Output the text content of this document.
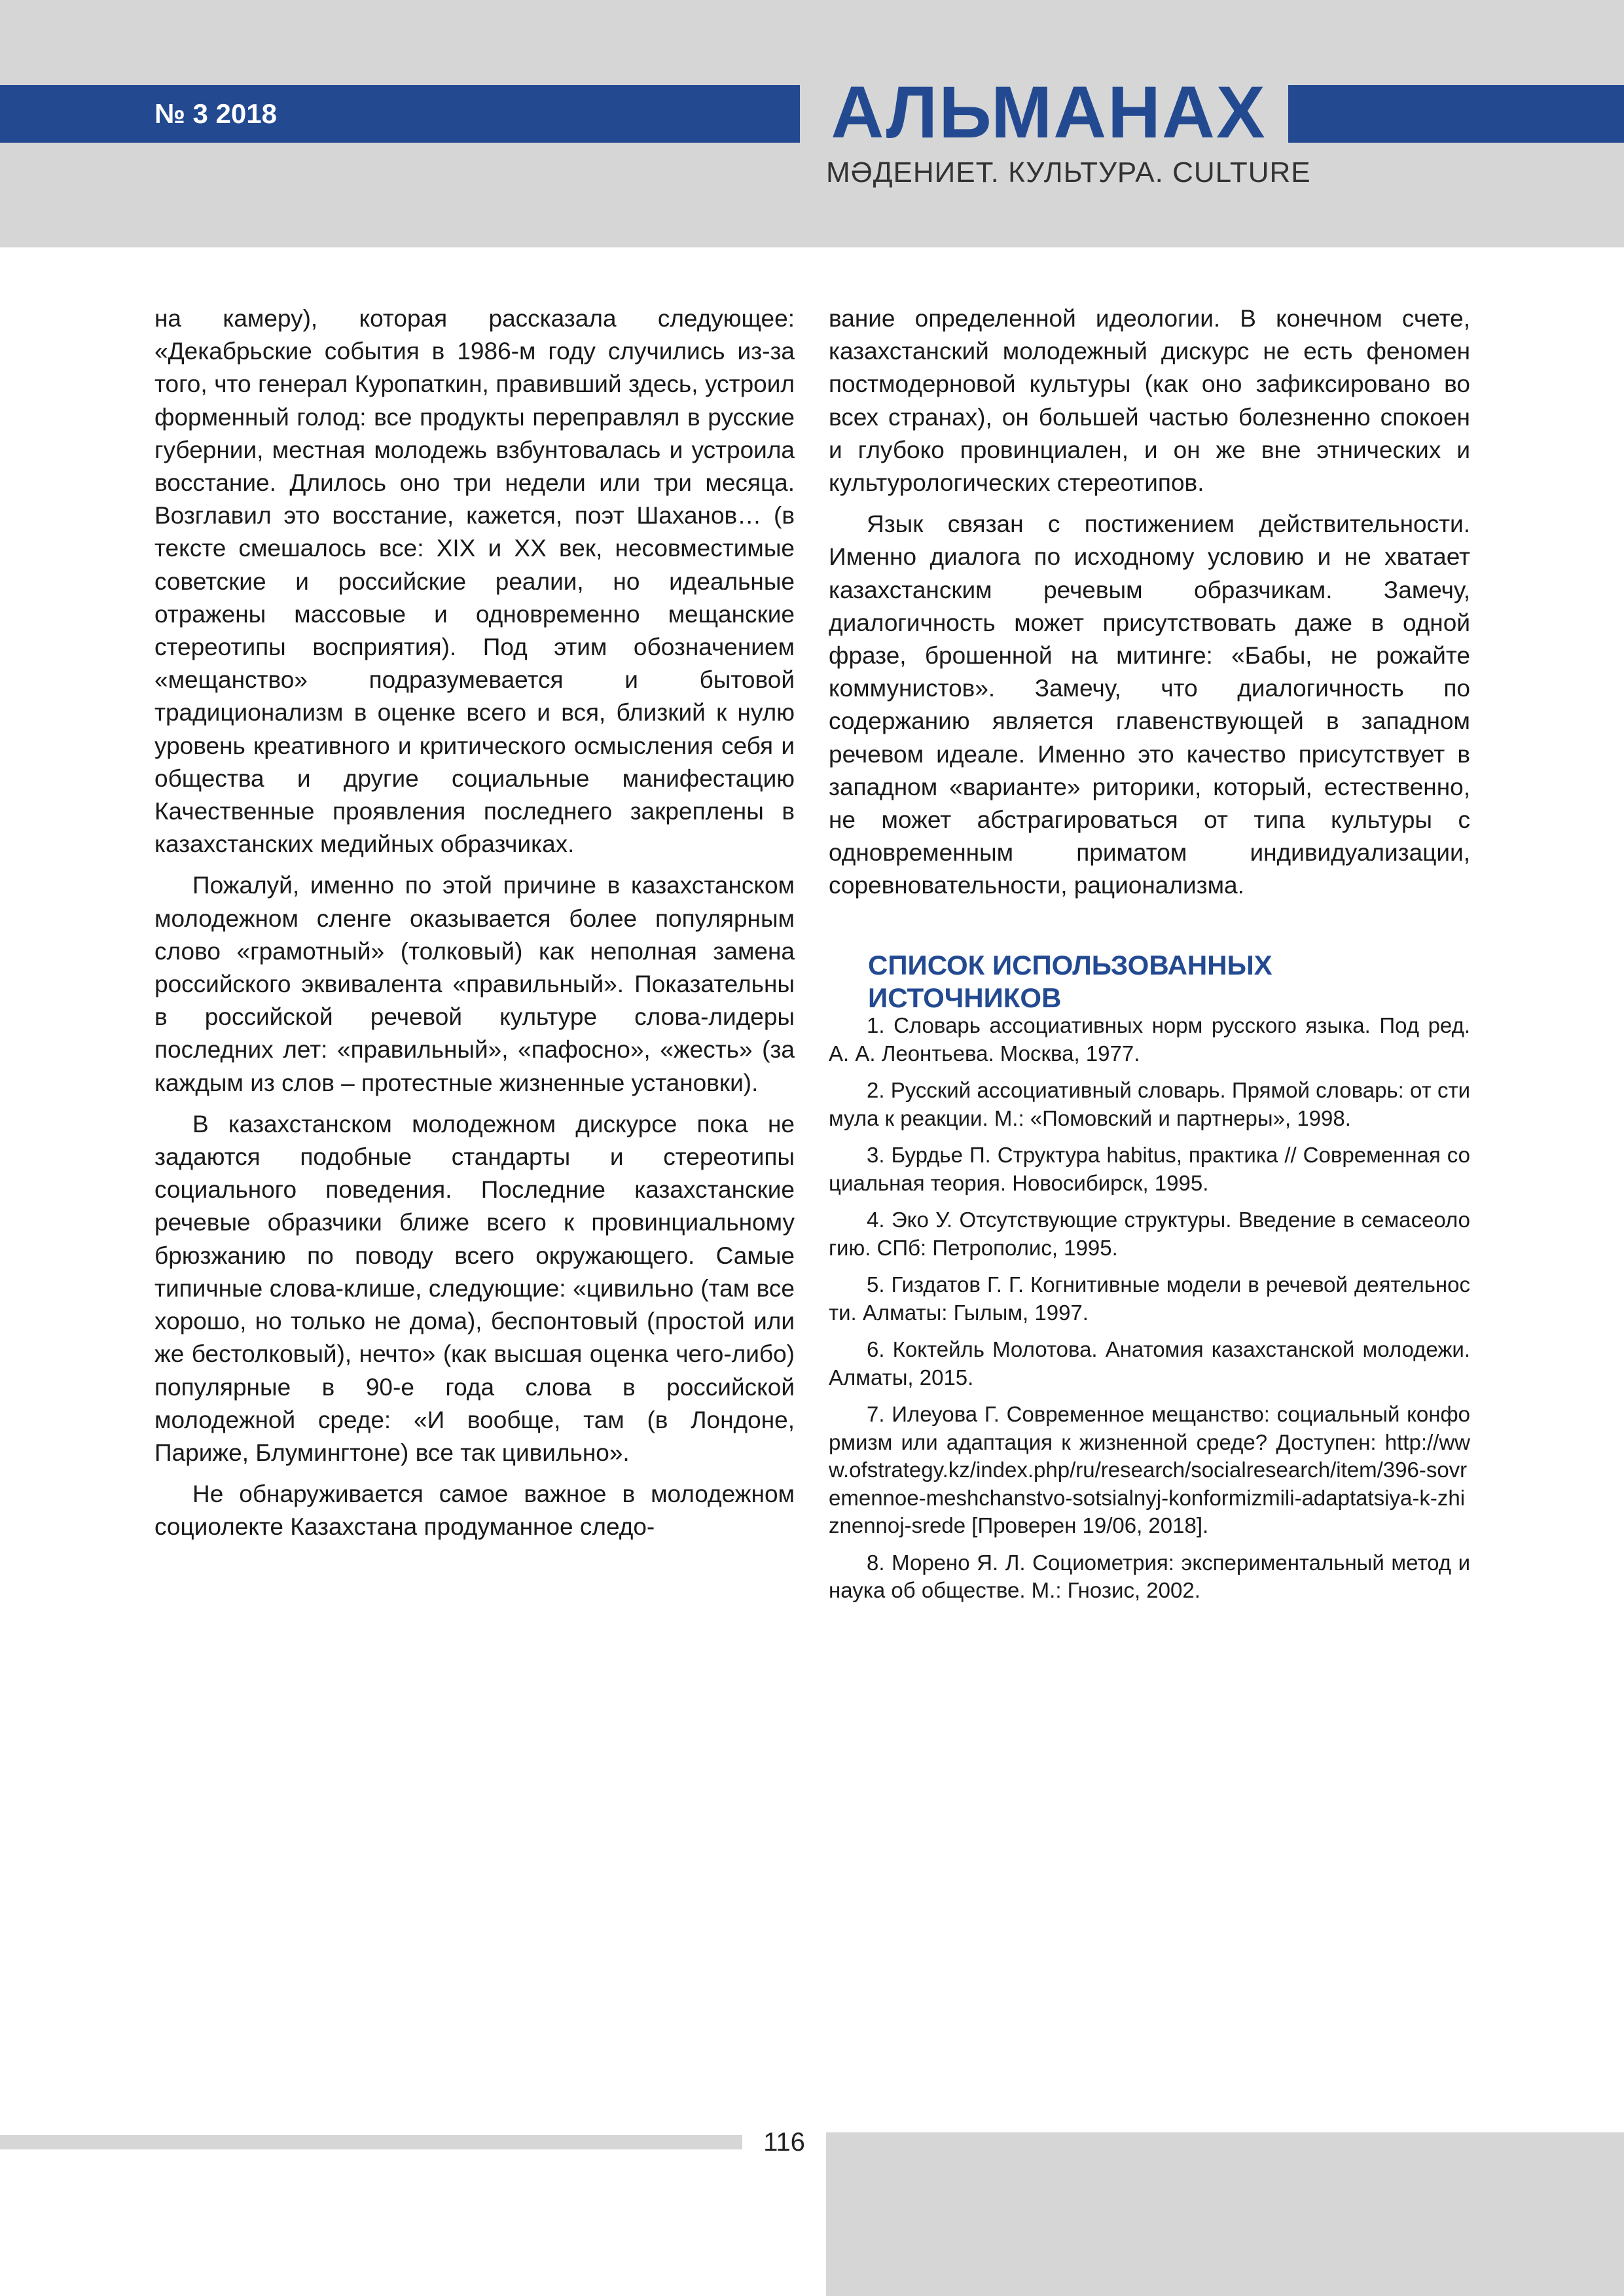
№ 3 2018	АЛЬМАНАХ
МӘДЕНИЕТ. КУЛЬТУРА. CULTURE

на камеру), которая рассказала следующее: «Декабрьские события в 1986-м году случились из-за того, что генерал Куропаткин, правивший здесь, устроил форменный голод: все продукты переправлял в русские губернии, местная молодежь взбунтовалась и устроила восстание. Длилось оно три недели или три месяца. Возглавил это восстание, кажется, поэт Шаханов… (в тексте смешалось все: XIX и XX век, несовместимые советские и российские реалии, но идеальные отражены массовые и одновременно мещанские стереотипы восприятия). Под этим обозначением «мещанство» подразумевается и бытовой традиционализм в оценке всего и вся, близкий к нулю уровень креативного и критического осмысления себя и общества и другие социальные манифестацию Качественные проявления последнего закреплены в казахстанских медийных образчиках.

Пожалуй, именно по этой причине в казахстанском молодежном сленге оказывается более популярным слово «грамотный» (толковый) как неполная замена российского эквивалента «правильный». Показательны в российской речевой культуре слова-лидеры последних лет: «правильный», «пафосно», «жесть» (за каждым из слов – протестные жизненные установки).

В казахстанском молодежном дискурсе пока не задаются подобные стандарты и стереотипы социального поведения. Последние казахстанские речевые образчики ближе всего к провинциальному брюзжанию по поводу всего окружающего. Самые типичные слова-клише, следующие: «цивильно (там все хорошо, но только не дома), беспонтовый (простой или же бестолковый), нечто» (как высшая оценка чего-либо) популярные в 90-е года слова в российской молодежной среде: «И вообще, там (в Лондоне, Париже, Блумингтоне) все так цивильно».

Не обнаруживается самое важное в молодежном социолекте Казахстана продуманное следо-

вание определенной идеологии. В конечном счете, казахстанский молодежный дискурс не есть феномен постмодерновой культуры (как оно зафиксировано во всех странах), он большей частью болезненно спокоен и глубоко провинциален, и он же вне этнических и культурологических стереотипов.

Язык связан с постижением действительности. Именно диалога по исходному условию и не хватает казахстанским речевым образчикам. Замечу, диалогичность может присутствовать даже в одной фразе, брошенной на митинге: «Бабы, не рожайте коммунистов». Замечу, что диалогичность по содержанию является главенствующей в западном речевом идеале. Именно это качество присутствует в западном «варианте» риторики, который, естественно, не может абстрагироваться от типа культуры с одновременным приматом индивидуализации, соревновательности, рационализма.

СПИСОК ИСПОЛЬЗОВАННЫХ ИСТОЧНИКОВ
1. Словарь ассоциативных норм русского языка. Под ред. А. А. Леонтьева. Москва, 1977.
2. Русский ассоциативный словарь. Прямой словарь: от стимула к реакции. М.: «Помовский и партнеры», 1998.
3. Бурдье П. Структура habitus, практика // Современная социальная теория. Новосибирск, 1995.
4. Эко У. Отсутствующие структуры. Введение в семасеологию. СПб: Петрополис, 1995.
5. Гиздатов Г. Г. Когнитивные модели в речевой деятельности. Алматы: Гылым, 1997.
6. Коктейль Молотова. Анатомия казахстанской молодежи. Алматы, 2015.
7. Илеуова Г. Современное мещанство: социальный конформизм или адаптация к жизненной среде? Доступен: http://www.ofstrategy.kz/index.php/ru/research/socialresearch/item/396-sovremennoe-meshchanstvo-sotsialnyj-konformizmili-adaptatsiya-k-zhiznennoj-srede [Проверен 19/06, 2018].
8. Морено Я. Л. Социометрия: экспериментальный метод и наука об обществе. М.: Гнозис, 2002.
116
